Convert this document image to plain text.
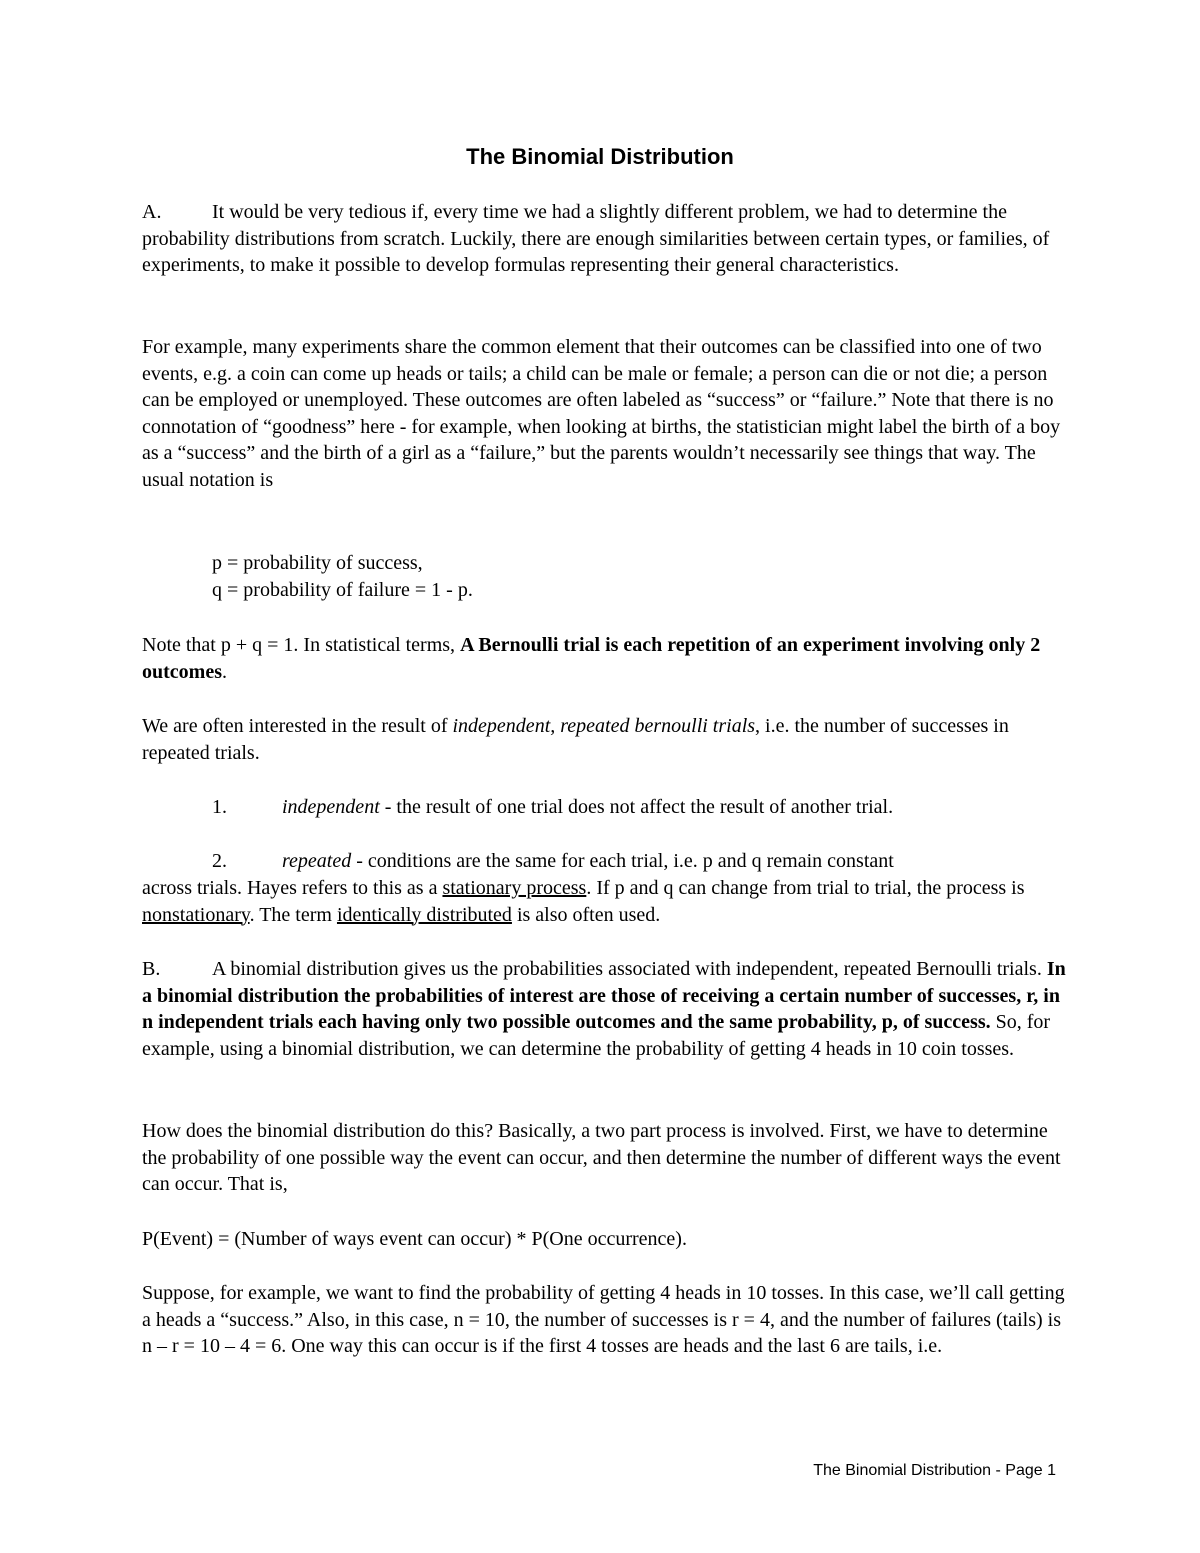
The Binomial Distribution
A.	It would be very tedious if, every time we had a slightly different problem, we had to determine the probability distributions from scratch. Luckily, there are enough similarities between certain types, or families, of experiments, to make it possible to develop formulas representing their general characteristics.
For example, many experiments share the common element that their outcomes can be classified into one of two events, e.g. a coin can come up heads or tails; a child can be male or female; a person can die or not die; a person can be employed or unemployed. These outcomes are often labeled as “success” or “failure.” Note that there is no connotation of “goodness” here - for example, when looking at births, the statistician might label the birth of a boy as a “success” and the birth of a girl as a “failure,” but the parents wouldn’t necessarily see things that way. The usual notation is
p = probability of success,
q = probability of failure = 1 - p.
Note that p + q = 1. In statistical terms, A Bernoulli trial is each repetition of an experiment involving only 2 outcomes.
We are often interested in the result of independent, repeated bernoulli trials, i.e. the number of successes in repeated trials.
1.	independent - the result of one trial does not affect the result of another trial.
2.	repeated - conditions are the same for each trial, i.e. p and q remain constant
across trials. Hayes refers to this as a stationary process. If p and q can change from trial to trial, the process is nonstationary. The term identically distributed is also often used.
B.	A binomial distribution gives us the probabilities associated with independent, repeated Bernoulli trials. In a binomial distribution the probabilities of interest are those of receiving a certain number of successes, r, in n independent trials each having only two possible outcomes and the same probability, p, of success. So, for example, using a binomial distribution, we can determine the probability of getting 4 heads in 10 coin tosses.
How does the binomial distribution do this? Basically, a two part process is involved. First, we have to determine the probability of one possible way the event can occur, and then determine the number of different ways the event can occur. That is,
P(Event) = (Number of ways event can occur) * P(One occurrence).
Suppose, for example, we want to find the probability of getting 4 heads in 10 tosses. In this case, we’ll call getting a heads a “success.” Also, in this case, n = 10, the number of successes is r = 4, and the number of failures (tails) is n – r = 10 – 4 = 6. One way this can occur is if the first 4 tosses are heads and the last 6 are tails, i.e.
The Binomial Distribution - Page 1
